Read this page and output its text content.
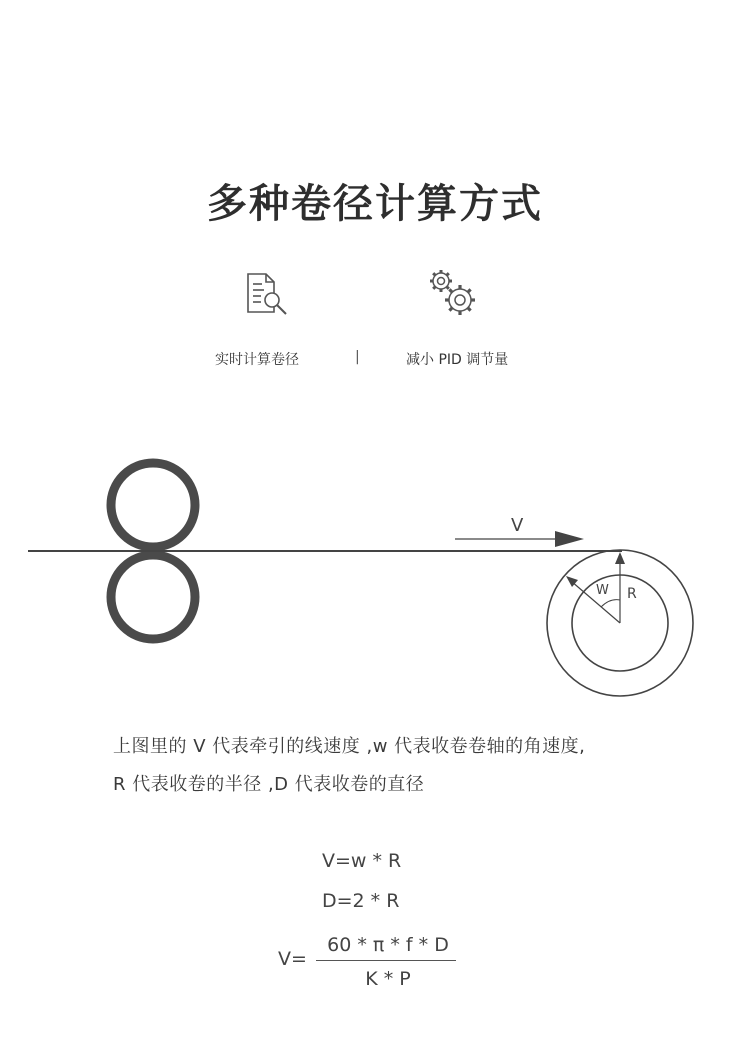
多种卷径计算方式
实时计算卷径	|	减小 PID 调节量
V
R
W
上图里的 V 代表牵引的线速度 ,w 代表收卷卷轴的角速度,
R 代表收卷的半径 ,D 代表收卷的直径
V=w * R
D=2 * R
V=
60 * π * f * D
K * P
